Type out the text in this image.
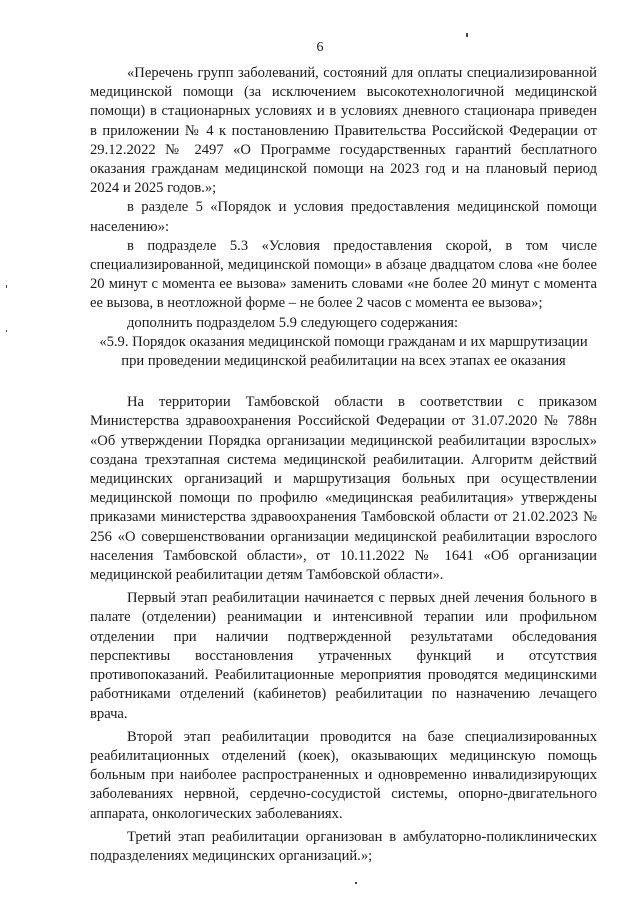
6

«Перечень групп заболеваний, состояний для оплаты специализированной медицинской помощи (за исключением высокотехнологичной медицинской помощи) в стационарных условиях и в условиях дневного стационара приведен в приложении № 4 к постановлению Правительства Российской Федерации от 29.12.2022 № 2497 «О Программе государственных гарантий бесплатного оказания гражданам медицинской помощи на 2023 год и на плановый период 2024 и 2025 годов.»;

в разделе 5 «Порядок и условия предоставления медицинской помощи населению»:

в подразделе 5.3 «Условия предоставления скорой, в том числе специализированной, медицинской помощи» в абзаце двадцатом слова «не более 20 минут с момента ее вызова» заменить словами «не более 20 минут с момента ее вызова, в неотложной форме – не более 2 часов с момента ее вызова»;

дополнить подразделом 5.9 следующего содержания:

«5.9. Порядок оказания медицинской помощи гражданам и их маршрутизации при проведении медицинской реабилитации на всех этапах ее оказания

На территории Тамбовской области в соответствии с приказом Министерства здравоохранения Российской Федерации от 31.07.2020 № 788н «Об утверждении Порядка организации медицинской реабилитации взрослых» создана трехэтапная система медицинской реабилитации. Алгоритм действий медицинских организаций и маршрутизация больных при осуществлении медицинской помощи по профилю «медицинская реабилитация» утверждены приказами министерства здравоохранения Тамбовской области от 21.02.2023 № 256 «О совершенствовании организации медицинской реабилитации взрослого населения Тамбовской области», от 10.11.2022 № 1641 «Об организации медицинской реабилитации детям Тамбовской области».

Первый этап реабилитации начинается с первых дней лечения больного в палате (отделении) реанимации и интенсивной терапии или профильном отделении при наличии подтвержденной результатами обследования перспективы восстановления утраченных функций и отсутствия противопоказаний. Реабилитационные мероприятия проводятся медицинскими работниками отделений (кабинетов) реабилитации по назначению лечащего врача.

Второй этап реабилитации проводится на базе специализированных реабилитационных отделений (коек), оказывающих медицинскую помощь больным при наиболее распространенных и одновременно инвалидизирующих заболеваниях нервной, сердечно-сосудистой системы, опорно-двигательного аппарата, онкологических заболеваниях.

Третий этап реабилитации организован в амбулаторно-поликлинических подразделениях медицинских организаций.»;
